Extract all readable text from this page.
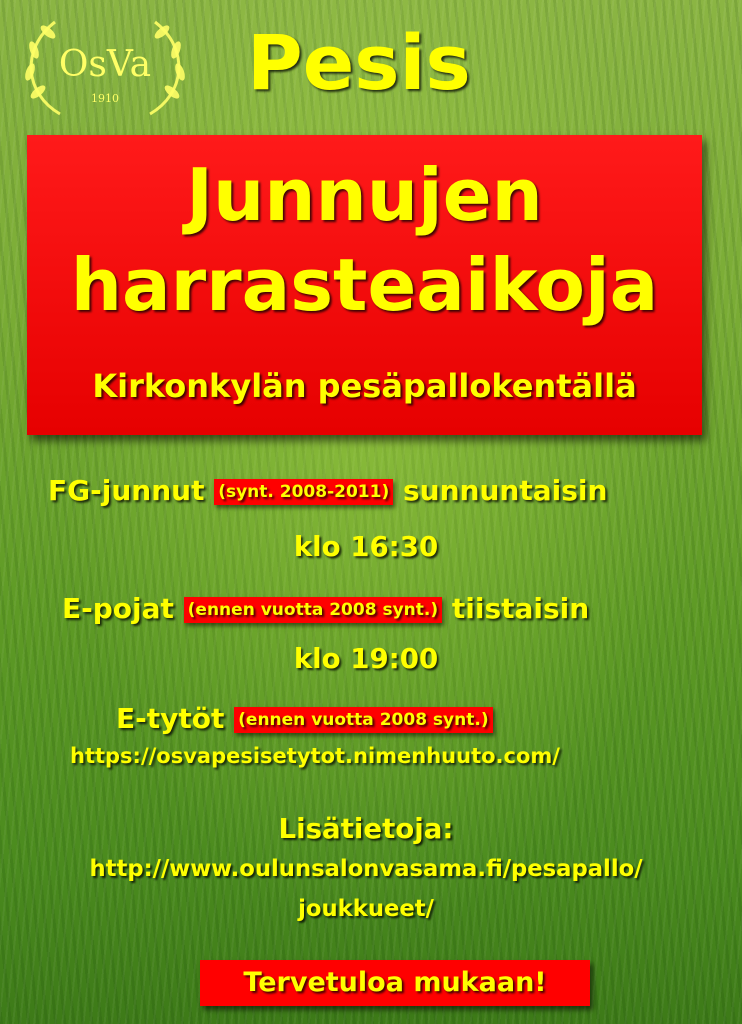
OsVa
1910	Pesis
Junnujen
harrasteaikoja
Kirkonkylän pesäpallokentällä
FG-junnut (synt. 2008-2011) sunnuntaisin
klo 16:30
E-pojat (ennen vuotta 2008 synt.) tiistaisin
klo 19:00
E-tytöt (ennen vuotta 2008 synt.)
https://osvapesisetytot.nimenhuuto.com/
Lisätietoja:
http://www.oulunsalonvasama.fi/pesapallo/
joukkueet/
Tervetuloa mukaan!
